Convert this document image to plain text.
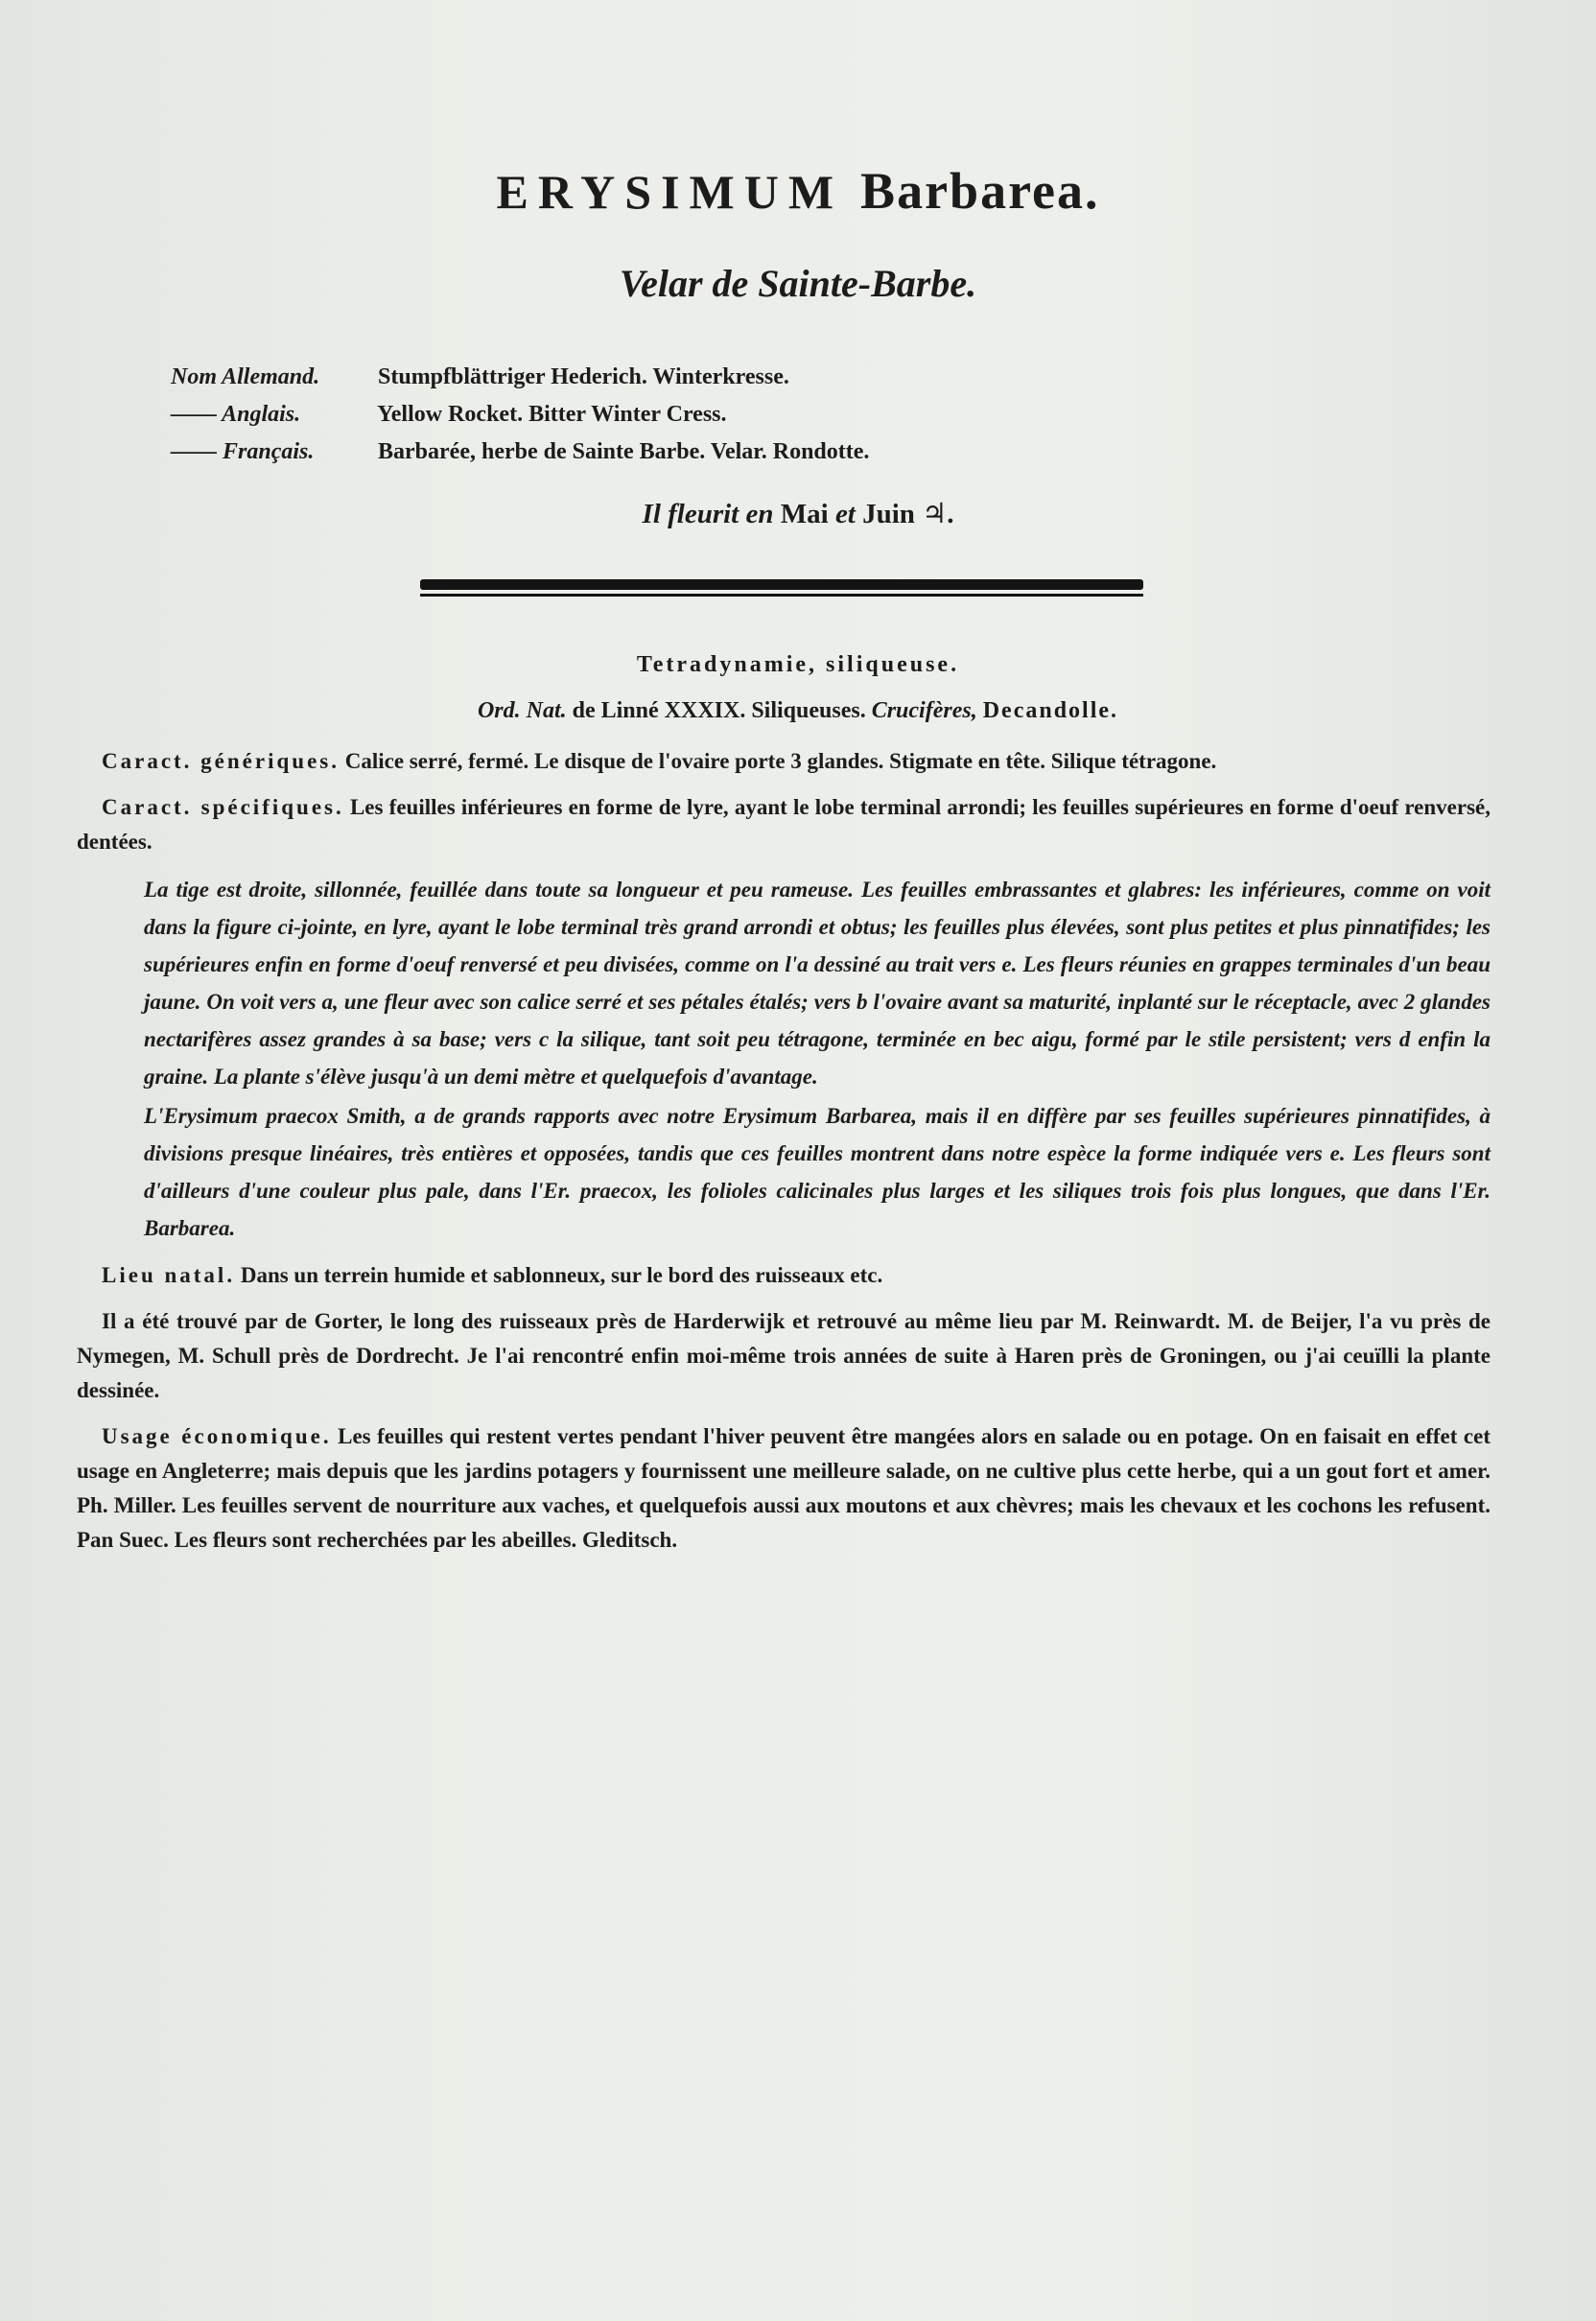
ERYSIMUM Barbarea.
Velar de Sainte-Barbe.
Nom Allemand.	Stumpfblättriger Hederich. Winterkresse.
—— Anglais.	Yellow Rocket. Bitter Winter Cress.
—— Français.	Barbarée, herbe de Sainte Barbe. Velar. Rondotte.
Il fleurit en Mai et Juin ♃.
Tetradynamie, siliqueuse.
Ord. Nat. de Linné XXXIX. Siliqueuses. Crucifères, Decandolle.

Caract. génériques. Calice serré, fermé. Le disque de l'ovaire porte 3 glandes. Stigmate en tête. Silique tétragone.

Caract. spécifiques. Les feuilles inférieures en forme de lyre, ayant le lobe terminal arrondi; les feuilles supérieures en forme d'oeuf renversé, dentées.

La tige est droite, sillonnée, feuillée dans toute sa longueur et peu rameuse. Les feuilles embrassantes et glabres: les inférieures, comme on voit dans la figure ci-jointe, en lyre, ayant le lobe terminal très grand arrondi et obtus; les feuilles plus élevées, sont plus petites et plus pinnatifides; les supérieures enfin en forme d'oeuf renversé et peu divisées, comme on l'a dessiné au trait vers e. Les fleurs réunies en grappes terminales d'un beau jaune. On voit vers a, une fleur avec son calice serré et ses pétales étalés; vers b l'ovaire avant sa maturité, inplanté sur le réceptacle, avec 2 glandes nectarifères assez grandes à sa base; vers c la silique, tant soit peu tétragone, terminée en bec aigu, formé par le stile persistent; vers d enfin la graine. La plante s'élève jusqu'à un demi mètre et quelquefois d'avantage.

L'Erysimum praecox Smith, a de grands rapports avec notre Erysimum Barbarea, mais il en diffère par ses feuilles supérieures pinnatifides, à divisions presque linéaires, très entières et opposées, tandis que ces feuilles montrent dans notre espèce la forme indiquée vers e. Les fleurs sont d'ailleurs d'une couleur plus pale, dans l'Er. praecox, les folioles calicinales plus larges et les siliques trois fois plus longues, que dans l'Er. Barbarea.

Lieu natal. Dans un terrein humide et sablonneux, sur le bord des ruisseaux etc.

Il a été trouvé par de Gorter, le long des ruisseaux près de Harderwijk et retrouvé au même lieu par M. Reinwardt. M. de Beijer, l'a vu près de Nymegen, M. Schull près de Dordrecht. Je l'ai rencontré enfin moi-même trois années de suite à Haren près de Groningen, ou j'ai ceuïlli la plante dessinée.

Usage économique. Les feuilles qui restent vertes pendant l'hiver peuvent être mangées alors en salade ou en potage. On en faisait en effet cet usage en Angleterre; mais depuis que les jardins potagers y fournissent une meilleure salade, on ne cultive plus cette herbe, qui a un gout fort et amer. Ph. Miller. Les feuilles servent de nourriture aux vaches, et quelquefois aussi aux moutons et aux chèvres; mais les chevaux et les cochons les refusent. Pan Suec. Les fleurs sont recherchées par les abeilles. Gleditsch.
